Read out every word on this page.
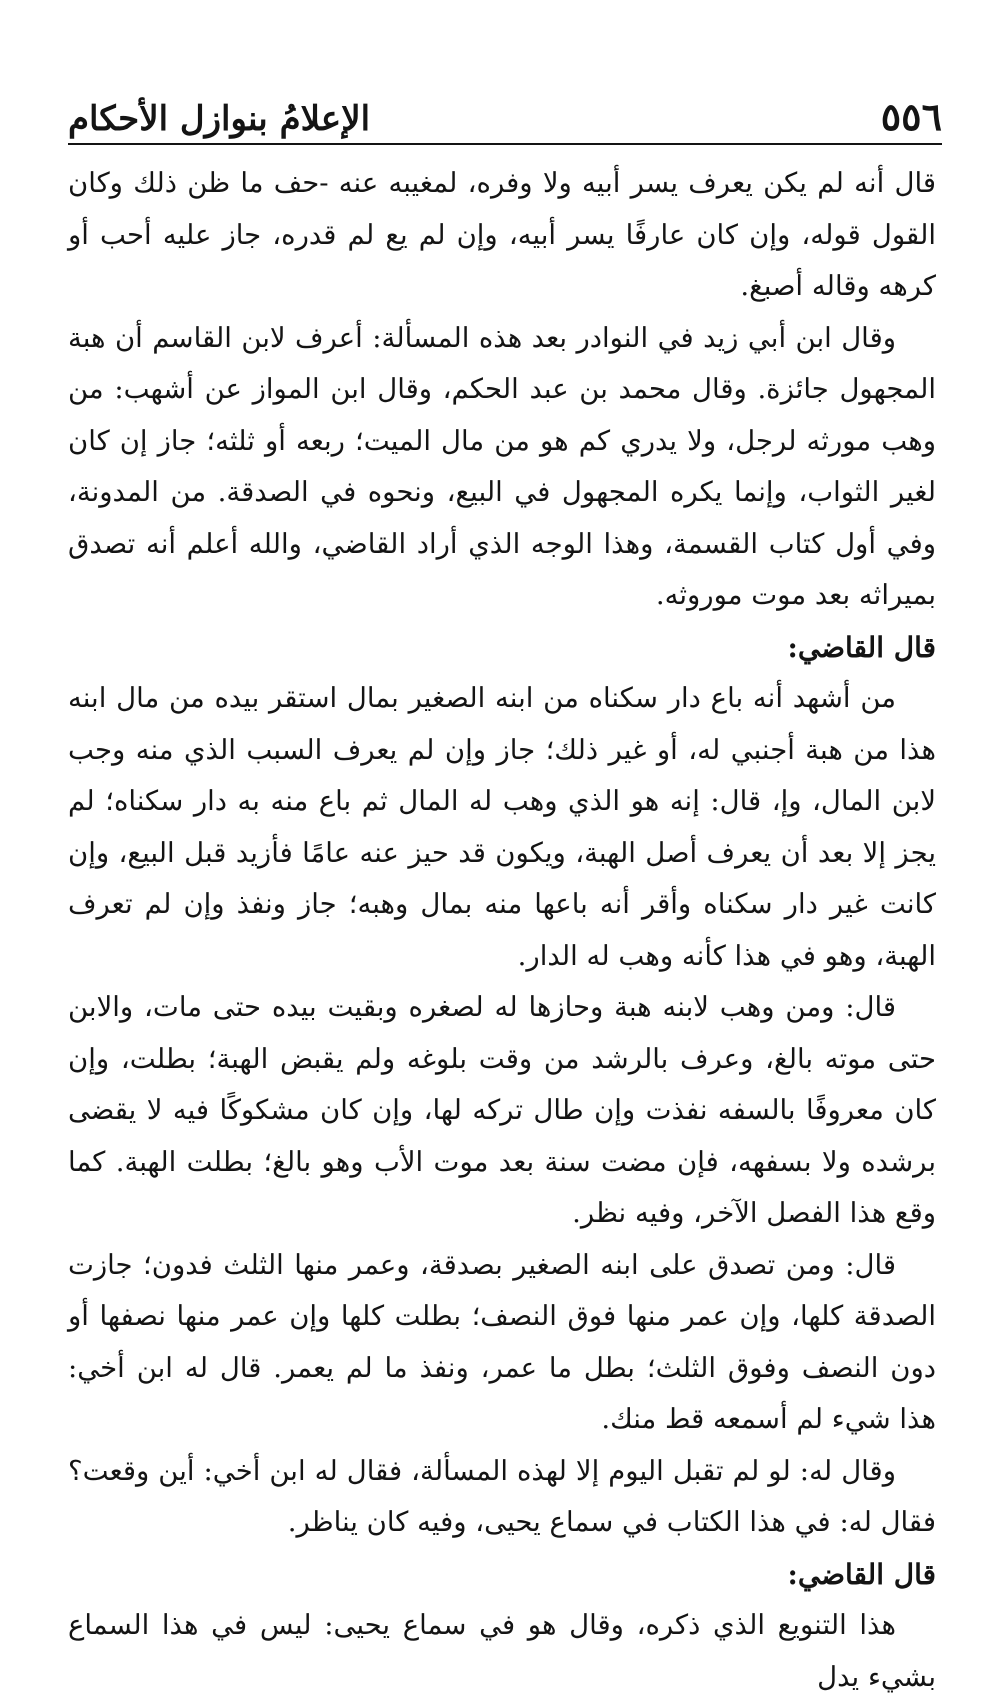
٥٥٦
الإعلامُ بنوازل الأحكام

قال أنه لم يكن يعرف يسر أبيه ولا وفره، لمغيبه عنه -حف ما ظن ذلك وكان القول قوله، وإن كان عارفًا يسر أبيه، وإن لم يع لم قدره، جاز عليه أحب أو كرهه وقاله أصبغ.

وقال ابن أبي زيد في النوادر بعد هذه المسألة: أعرف لابن القاسم أن هبة المجهول جائزة. وقال محمد بن عبد الحكم، وقال ابن المواز عن أشهب: من وهب مورثه لرجل، ولا يدري كم هو من مال الميت؛ ربعه أو ثلثه؛ جاز إن كان لغير الثواب، وإنما يكره المجهول في البيع، ونحوه في الصدقة. من المدونة، وفي أول كتاب القسمة، وهذا الوجه الذي أراد القاضي، والله أعلم أنه تصدق بميراثه بعد موت موروثه.

قال القاضي:

من أشهد أنه باع دار سكناه من ابنه الصغير بمال استقر بيده من مال ابنه هذا من هبة أجنبي له، أو غير ذلك؛ جاز وإن لم يعرف السبب الذي منه وجب لابن المال، وإ، قال: إنه هو الذي وهب له المال ثم باع منه به دار سكناه؛ لم يجز إلا بعد أن يعرف أصل الهبة، ويكون قد حيز عنه عامًا فأزيد قبل البيع، وإن كانت غير دار سكناه وأقر أنه باعها منه بمال وهبه؛ جاز ونفذ وإن لم تعرف الهبة، وهو في هذا كأنه وهب له الدار.

قال: ومن وهب لابنه هبة وحازها له لصغره وبقيت بيده حتى مات، والابن حتى موته بالغ، وعرف بالرشد من وقت بلوغه ولم يقبض الهبة؛ بطلت، وإن كان معروفًا بالسفه نفذت وإن طال تركه لها، وإن كان مشكوكًا فيه لا يقضى برشده ولا بسفهه، فإن مضت سنة بعد موت الأب وهو بالغ؛ بطلت الهبة. كما وقع هذا الفصل الآخر، وفيه نظر.

قال: ومن تصدق على ابنه الصغير بصدقة، وعمر منها الثلث فدون؛ جازت الصدقة كلها، وإن عمر منها فوق النصف؛ بطلت كلها وإن عمر منها نصفها أو دون النصف وفوق الثلث؛ بطل ما عمر، ونفذ ما لم يعمر. قال له ابن أخي: هذا شيء لم أسمعه قط منك.

وقال له: لو لم تقبل اليوم إلا لهذه المسألة، فقال له ابن أخي: أين وقعت؟ فقال له: في هذا الكتاب في سماع يحيى، وفيه كان يناظر.

قال القاضي:

هذا التنويع الذي ذكره، وقال هو في سماع يحيى: ليس في هذا السماع بشيء يدل
